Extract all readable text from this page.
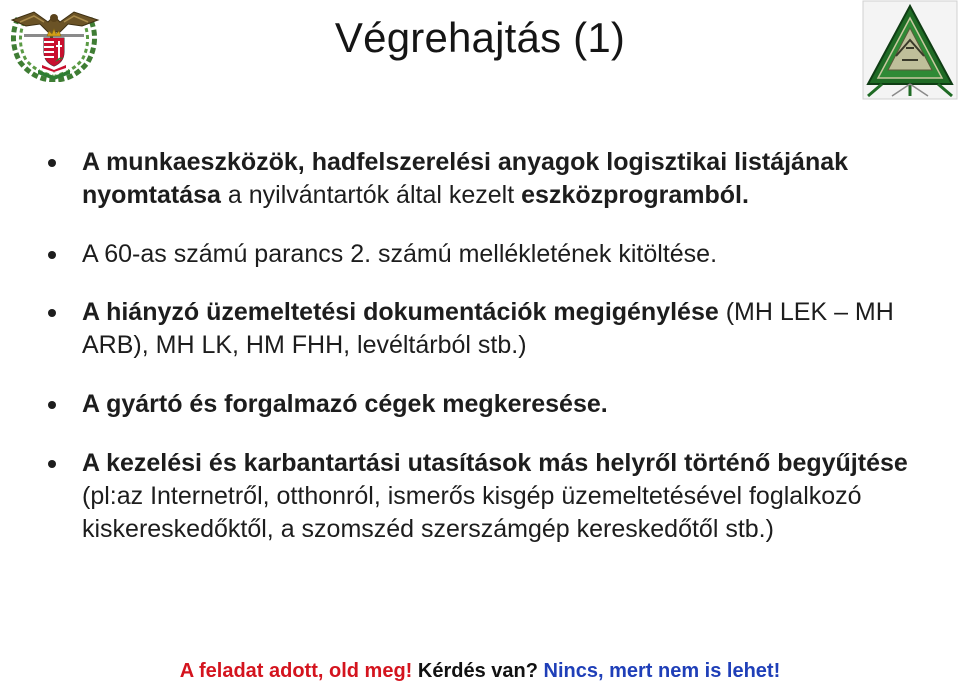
Végrehajtás (1)
A munkaeszközök, hadfelszerelési anyagok logisztikai listájának nyomtatása a nyilvántartók által kezelt eszközprogramból.
A 60-as számú parancs 2. számú mellékletének kitöltése.
A hiányzó üzemeltetési dokumentációk megigénylése (MH LEK – MH ARB), MH LK, HM FHH, levéltárból stb.)
A gyártó és forgalmazó cégek megkeresése.
A kezelési és karbantartási utasítások más helyről történő begyűjtése (pl:az Internetről, otthonról, ismerős kisgép üzemeltetésével foglalkozó kiskereskedőktől, a szomszéd szerszámgép kereskedőtől stb.)
A feladat adott, old meg! Kérdés van? Nincs, mert nem is lehet!
